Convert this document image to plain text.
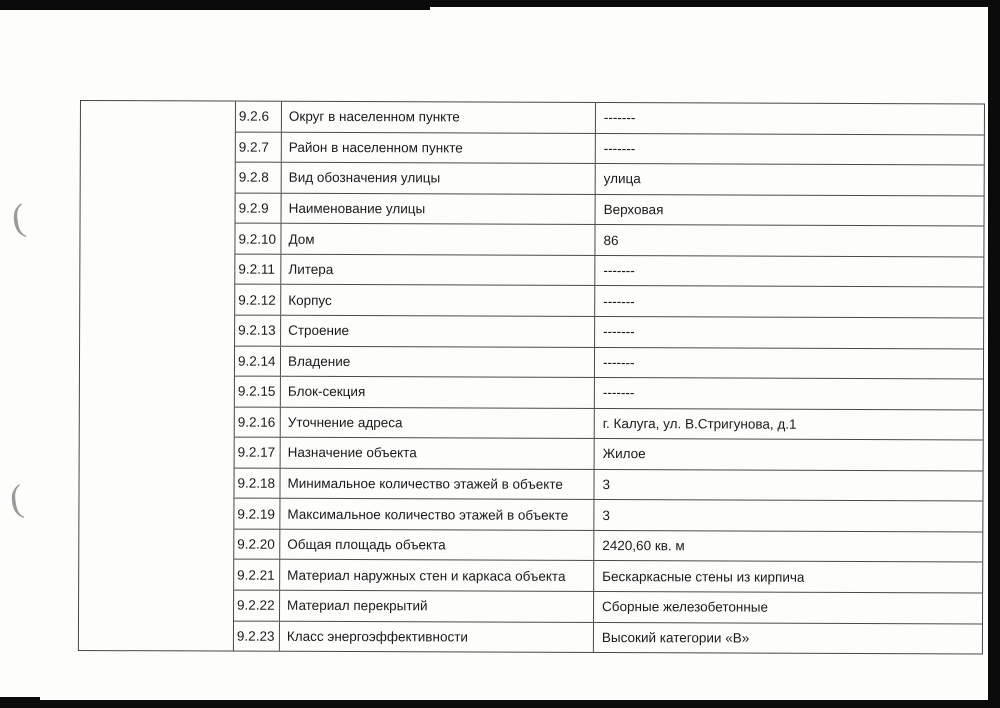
(
(
9.2.6	Округ в населенном пункте	-------
9.2.7	Район в населенном пункте	-------
9.2.8	Вид обозначения улицы	улица
9.2.9	Наименование улицы	Верховая
9.2.10 Дом	86
9.2.11 Литера	-------
9.2.12 Корпус	-------
9.2.13 Строение	-------
9.2.14 Владение	-------
9.2.15 Блок-секция	-------
9.2.16 Уточнение адреса	г. Калуга, ул. В.Стригунова, д.1
9.2.17 Назначение объекта	Жилое
9.2.18 Минимальное количество этажей в объекте	3
9.2.19 Максимальное количество этажей в объекте	3
9.2.20 Общая площадь объекта	2420,60 кв. м
9.2.21 Материал наружных стен и каркаса объекта	Бескаркасные стены из кирпича
9.2.22 Материал перекрытий	Сборные железобетонные
9.2.23 Класс энергоэффективности	Высокий категории «В»
